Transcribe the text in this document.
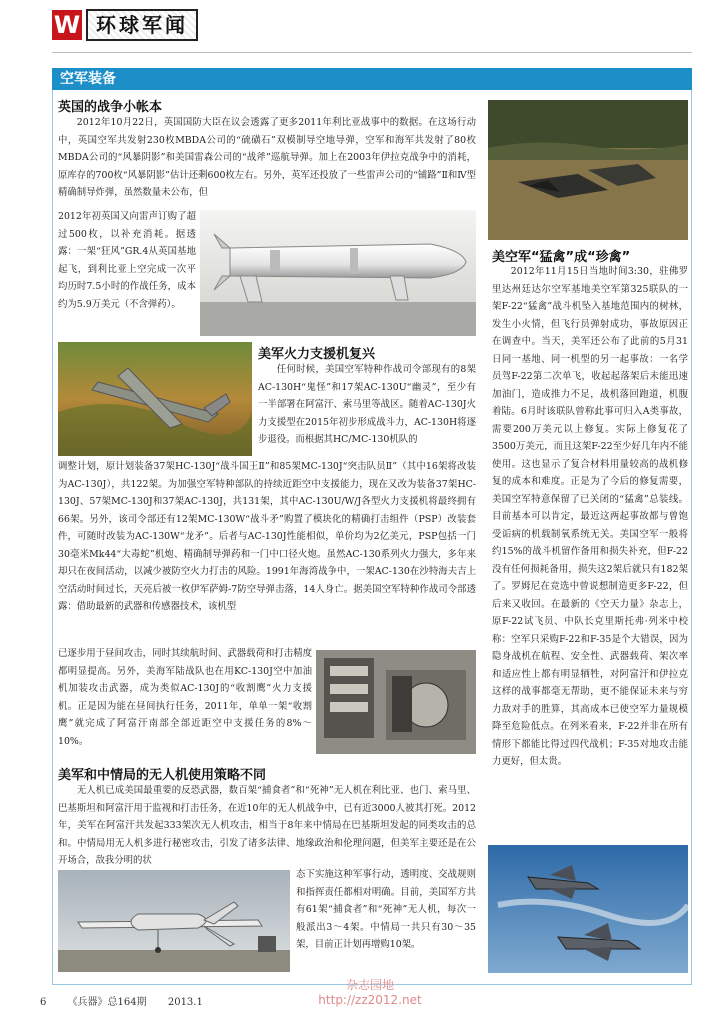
W 环球军闻
空军装备
英国的战争小帐本

2012年10月22日，英国国防大臣在议会透露了更多2011年利比亚战事中的数据。在这场行动中，英国空军共发射230枚MBDA公司的“硫磺石”双模制导空地导弹，空军和海军共发射了80枚MBDA公司的“风暴阴影”和美国雷森公司的“战斧”巡航导弹。加上在2003年伊拉克战争中的消耗，原库存的700枚“风暴阴影”估计还剩600枚左右。另外，英军还投放了一些雷声公司的“铺路”Ⅱ和Ⅳ型精确制导炸弹，虽然数量未公布，但

2012年初英国又向雷声订购了超过500枚，以补充消耗。据透露：一架“狂风”GR.4从英国基地起飞，到利比亚上空完成一次平均历时7.5小时的作战任务，成本约为5.9万美元（不含弹药）。

美军火力支援机复兴

任何时候，美国空军特种作战司令部现有的8架AC-130H“鬼怪”和17架AC-130U“幽灵”，至少有一半部署在阿富汗、索马里等战区。随着AC-130J火力支援型在2015年初步形成战斗力，AC-130H将逐步退役。而根据其HC/MC-130机队的

调整计划，原计划装备37架HC-130J“战斗国王Ⅱ”和85架MC-130J“突击队员Ⅱ”（其中16架将改装为AC-130J），共122架。为加强空军特种部队的持续近距空中支援能力，现在又改为装备37架HC-130J、57架MC-130J和37架AC-130J，共131架，其中AC-130U/W/J各型火力支援机将最终拥有66架。另外，该司令部还有12架MC-130W“战斗矛”购置了模块化的精确打击组件（PSP）改装套件，可随时改装为AC-130W“龙矛”。后者与AC-130J性能相似，单价均为2亿美元，PSP包括一门30毫米Mk44“大毒蛇”机炮、精确制导弹药和一门中口径火炮。虽然AC-130系列火力强大，多年来却只在夜间活动，以减少被防空火力打击的风险。1991年海湾战争中，一架AC-130在沙特海夫吉上空活动时间过长，天亮后被一枚伊军萨姆-7防空导弹击落，14人身亡。据美国空军特种作战司令部透露：借助最新的武器和传感器技术，该机型

已逐步用于昼间攻击，同时其续航时间、武器载荷和打击精度都明显提高。另外，美海军陆战队也在用KC-130J空中加油机加装攻击武器，成为类似AC-130J的“收割鹰”火力支援机。正是因为能在昼间执行任务，2011年，单单一架“收割鹰”就完成了阿富汗南部全部近距空中支援任务的8%～10%。

美军和中情局的无人机使用策略不同

无人机已成美国最重要的反恐武器，数百架“捕食者”和“死神”无人机在利比亚、也门、索马里、巴基斯坦和阿富汗用于监视和打击任务，在近10年的无人机战争中，已有近3000人被其打死。2012年，美军在阿富汗共发起333架次无人机攻击，相当于8年来中情局在巴基斯坦发起的同类攻击的总和。中情局用无人机多进行秘密攻击，引发了诸多法律、地缘政治和伦理问题，但美军主要还是在公开场合，敌我分明的状

态下实施这种军事行动，透明度、交战规则和指挥责任都相对明确。目前，美国军方共有61架“捕食者”和“死神”无人机，每次一般派出3～4架。中情局一共只有30～35架，目前正计划再增购10架。

美空军“猛禽”成“珍禽”

2012年11月15日当地时间3:30，驻佛罗里达州廷达尔空军基地美空军第325联队的一架F-22“猛禽”战斗机坠入基地范围内的树林，发生小火情，但飞行员弹射成功，事故原因正在调查中。当天，美军还公布了此前的5月31日同一基地、同一机型的另一起事故：一名学员驾F-22第二次单飞，收起起落架后未能迅速加油门，造成推力不足，战机落回跑道，机腹着陆。6月时该联队曾称此事可归入A类事故，需要200万美元以上修复。实际上修复花了3500万美元，而且这架F-22至少好几年内不能使用。这也显示了复合材料用量较高的战机修复的成本和难度。正是为了今后的修复需要，美国空军特意保留了已关闭的“猛禽”总装线。目前基本可以肯定，最近这两起事故都与曾饱受诟病的机载制氧系统无关。美国空军一般将约15%的战斗机留作备用和损失补充，但F-22没有任何损耗备用，损失这2架后就只有182架了。罗姆尼在竞选中曾说想制造更多F-22，但后来又收回。在最新的《空天力量》杂志上，原F-22试飞员、中队长克里斯托弗·列米中校称：空军只采购F-22和F-35是个大错误，因为隐身战机在航程、安全性、武器载荷、架次率和适应性上都有明显牺牲，对阿富汗和伊拉克这样的战事都毫无帮助，更不能保证未来与穷力敌对手的胜算，其高成本已使空军力量规模降至危险低点。在列米看来，F-22并非在所有情形下都能比得过四代战机；F-35对地攻击能力更好，但太贵。

6 《兵器》总164期 2013.1
杂志园地
http://zz2012.net
